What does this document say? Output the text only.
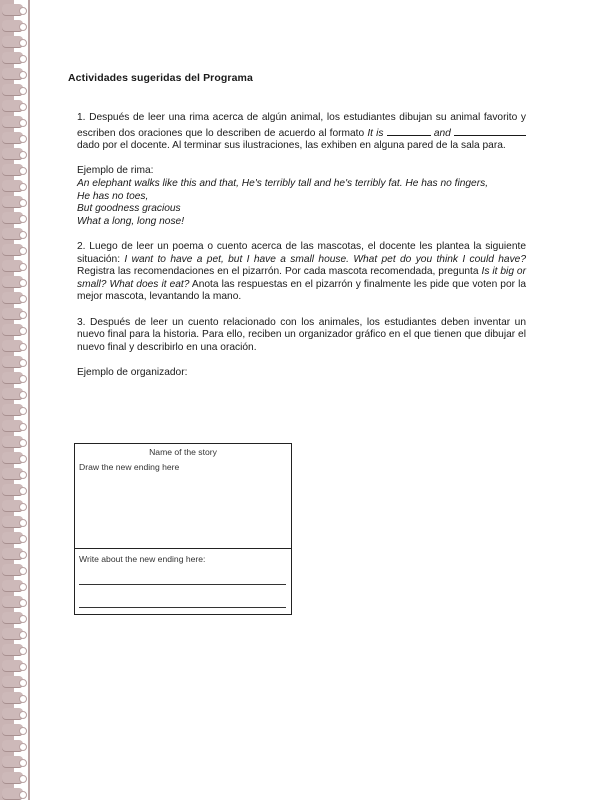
Actividades sugeridas del Programa

1. Después de leer una rima acerca de algún animal, los estudiantes dibujan su animal favorito y escriben dos oraciones que lo describen de acuerdo al formato It is	and  dado por el docente. Al terminar sus ilustraciones, las exhiben en alguna pared de la sala para.

Ejemplo de rima:

An elephant walks like this and that, He's terribly tall and he's terribly fat. He has no fingers,

He has no toes,

But goodness gracious

What a long, long nose!

2. Luego de leer un poema o cuento acerca de las mascotas, el docente les plantea la siguiente situación: I want to have a pet, but I have a small house. What pet do you think I could have? Registra las recomendaciones en el pizarrón. Por cada mascota recomendada, pregunta Is it big or small? What does it eat? Anota las respuestas en el pizarrón y finalmente les pide que voten por la mejor mascota, levantando la mano.

3. Después de leer un cuento relacionado con los animales, los estudiantes deben inventar un nuevo final para la historia. Para ello, reciben un organizador gráfico en el que tienen que dibujar el nuevo final y describirlo en una oración.

Ejemplo de organizador:

Name of the story
Draw the new ending here
Write about the new ending here:
